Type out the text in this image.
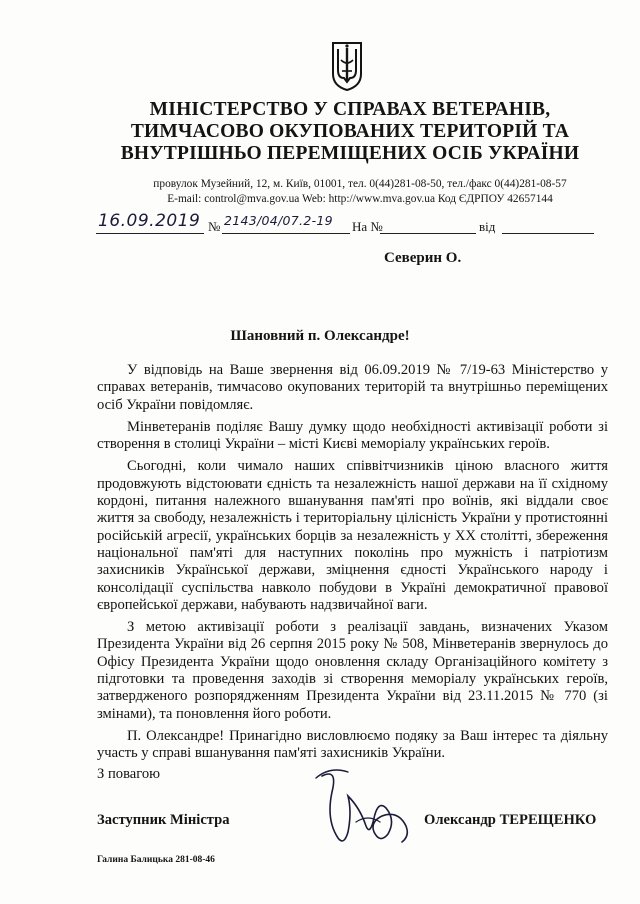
МІНІСТЕРСТВО У СПРАВАХ ВЕТЕРАНІВ,
ТИМЧАСОВО ОКУПОВАНИХ ТЕРИТОРІЙ ТА
ВНУТРІШНЬО ПЕРЕМІЩЕНИХ ОСІБ УКРАЇНИ
провулок Музейний, 12, м. Київ, 01001, тел. 0(44)281-08-50, тел./факс 0(44)281-08-57
E-mail: control@mva.gov.ua Web: http://www.mva.gov.ua Код ЄДРПОУ 42657144
16.09.2019 № 2143/04/07.2-19 На №	від
Северин О.
Шановний п. Олександре!

У відповідь на Ваше звернення від 06.09.2019 № 7/19-63 Міністерство у справах ветеранів, тимчасово окупованих територій та внутрішньо переміщених осіб України повідомляє.

Мінветеранів поділяє Вашу думку щодо необхідності активізації роботи зі створення в столиці України – місті Києві меморіалу українських героїв.

Сьогодні, коли чимало наших співвітчизників ціною власного життя продовжують відстоювати єдність та незалежність нашої держави на її східному кордоні, питання належного вшанування пам'яті про воїнів, які віддали своє життя за свободу, незалежність і територіальну цілісність України у протистоянні російській агресії, українських борців за незалежність у XX столітті, збереження національної пам'яті для наступних поколінь про мужність і патріотизм захисників Української держави, зміцнення єдності Українського народу і консолідації суспільства навколо побудови в Україні демократичної правової європейської держави, набувають надзвичайної ваги.

З метою активізації роботи з реалізації завдань, визначених Указом Президента України від 26 серпня 2015 року № 508, Мінветеранів звернулось до Офісу Президента України щодо оновлення складу Організаційного комітету з підготовки та проведення заходів зі створення меморіалу українських героїв, затвердженого розпорядженням Президента України від 23.11.2015 № 770 (зі змінами), та поновлення його роботи.

П. Олександре! Принагідно висловлюємо подяку за Ваш інтерес та діяльну участь у справі вшанування пам'яті захисників України.

З повагою
Заступник Міністра	Олександр ТЕРЕЩЕНКО
Галина Балицька 281-08-46
